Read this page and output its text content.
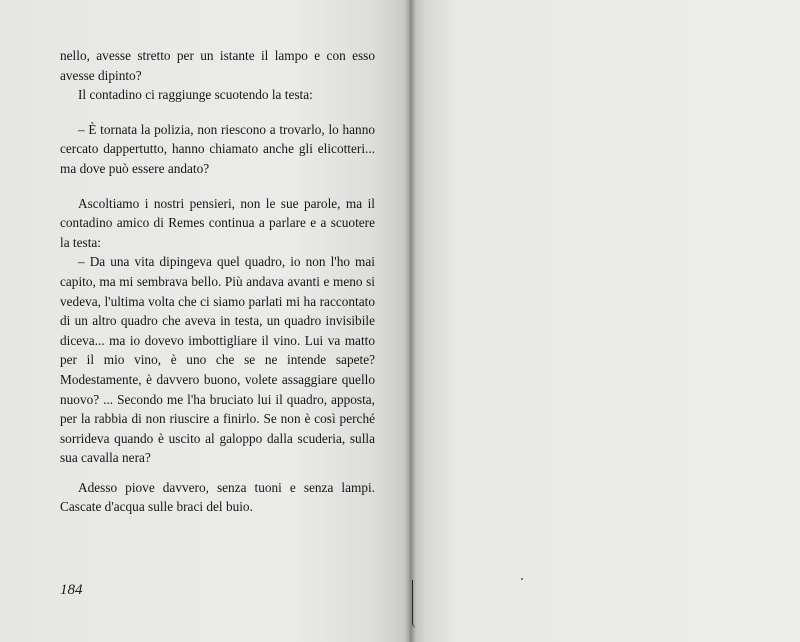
nello, avesse stretto per un istante il lampo e con esso avesse dipinto?

Il contadino ci raggiunge scuotendo la testa:

– È tornata la polizia, non riescono a trovarlo, lo hanno cercato dappertutto, hanno chiamato anche gli elicotteri... ma dove può essere andato?

Ascoltiamo i nostri pensieri, non le sue parole, ma il contadino amico di Remes continua a parlare e a scuotere la testa:

– Da una vita dipingeva quel quadro, io non l'ho mai capito, ma mi sembrava bello. Più andava avanti e meno si vedeva, l'ultima volta che ci siamo parlati mi ha raccontato di un altro quadro che aveva in testa, un quadro invisibile diceva... ma io dovevo imbottigliare il vino. Lui va matto per il mio vino, è uno che se ne intende sapete? Modestamente, è davvero buono, volete assaggiare quello nuovo? ... Secondo me l'ha bruciato lui il quadro, apposta, per la rabbia di non riuscire a finirlo. Se non è così perché sorrideva quando è uscito al galoppo dalla scuderia, sulla sua cavalla nera?

Adesso piove davvero, senza tuoni e senza lampi. Cascate d'acqua sulle braci del buio.

184
